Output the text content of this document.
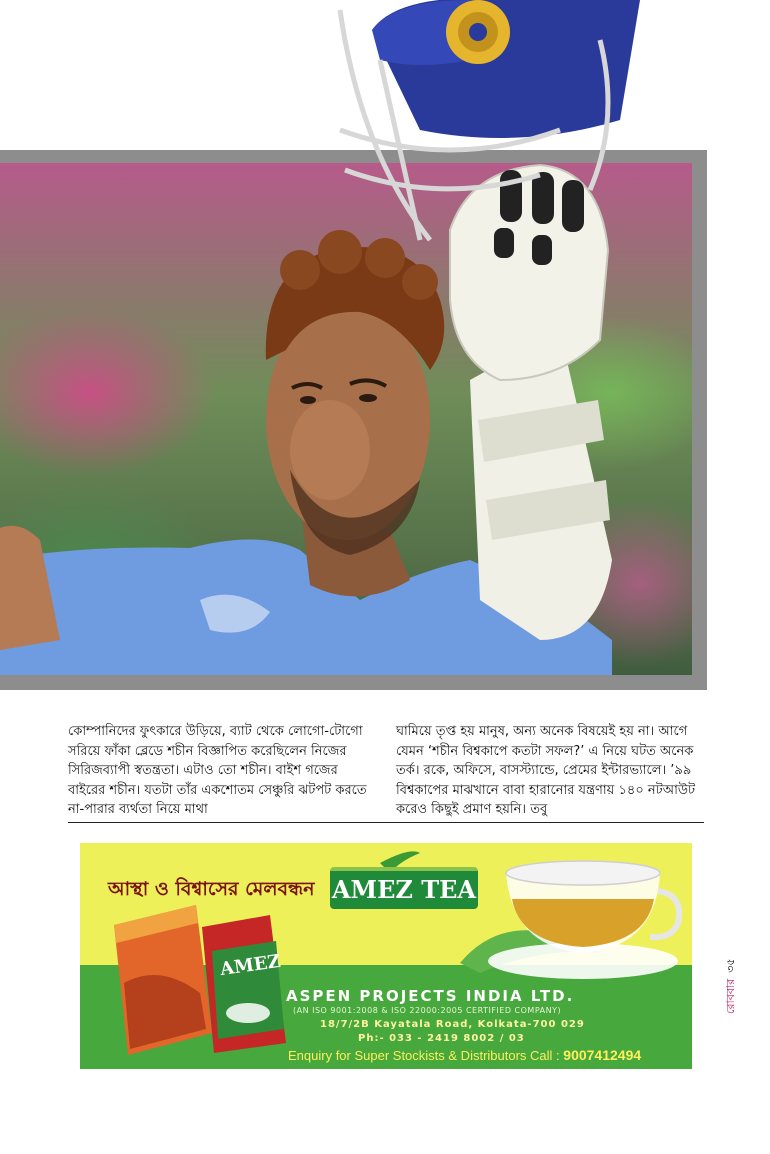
কোম্পানিদের ফুৎকারে উড়িয়ে, ব্যাট থেকে লোগো-টোগো সরিয়ে ফাঁকা ব্লেডে শচীন বিজ্ঞাপিত করেছিলেন নিজের সিরিজব্যাপী স্বতন্ত্রতা। এটাও তো শচীন। বাইশ গজের বাইরের শচীন। যতটা তাঁর একশোতম সেঞ্চুরি ঝটপট করতে না-পারার ব্যর্থতা নিয়ে মাথা
ঘামিয়ে তৃপ্ত হয় মানুষ, অন্য অনেক বিষয়েই হয় না। আগে যেমন ‘শচীন বিশ্বকাপে কতটা সফল?’ এ নিয়ে ঘটত অনেক তর্ক। রকে, অফিসে, বাসস্ট্যান্ডে, প্রেমের ইন্টারভ্যালে। ’৯৯ বিশ্বকাপের মাঝখানে বাবা হারানোর যন্ত্রণায় ১৪০ নটআউট করেও কিছুই প্রমাণ হয়নি। তবু
আস্থা ও বিশ্বাসের মেলবন্ধন AMEZ TEA
AMEZ
ASPEN PROJECTS INDIA LTD.
(AN ISO 9001:2008 & ISO 22000:2005 CERTIFIED COMPANY)
18/7/2B Kayatala Road, Kolkata-700 029
Ph:- 033 - 2419 8002 / 03
Enquiry for Super Stockists & Distributors Call : 9007412494
রোববার৩৫
